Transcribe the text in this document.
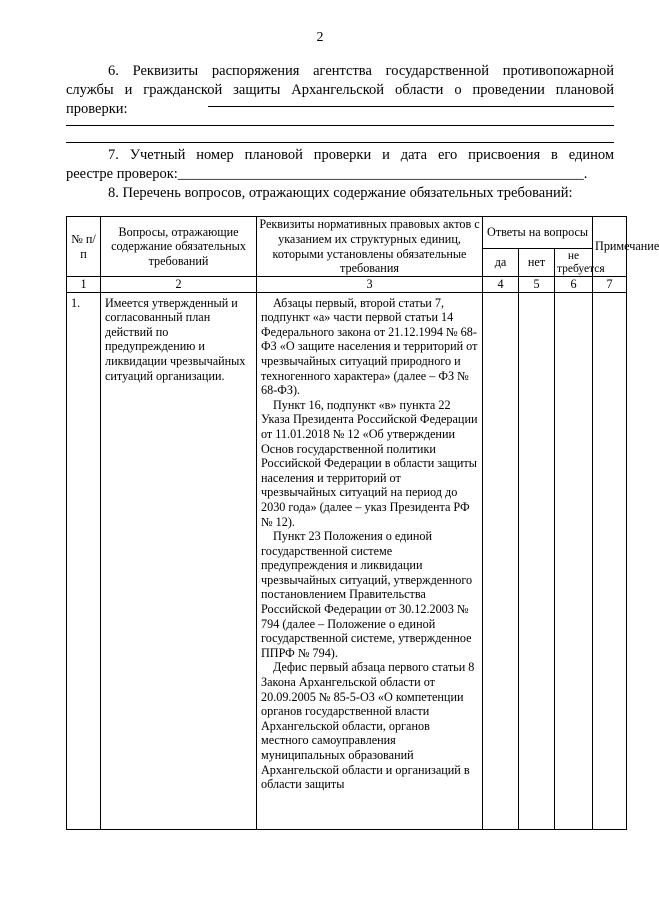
2
6. Реквизиты распоряжения агентства государственной противопожарной
службы и гражданской защиты Архангельской области о проведении плановой проверки:
7. Учетный номер плановой проверки и дата его присвоения в едином
реестре проверок:________________________________________________________.
8. Перечень вопросов, отражающих содержание обязательных требований:
№ п/п	Вопросы, отражающие содержание обязательных требований	Реквизиты нормативных правовых актов с указанием их структурных единиц, которыми установлены обязательные требования	Ответы на вопросы			Примечание
			да	нет	не требуется	
1	2	3	4	5	6	7
1.	Имеется утвержденный и согласованный план действий по предупреждению и ликвидации чрезвычайных ситуаций организации.	Абзацы первый, второй статьи 7, подпункт «а» части первой статьи 14 Федерального закона от 21.12.1994 № 68-ФЗ «О защите населения и территорий от чрезвычайных ситуаций природного и техногенного характера» (далее – ФЗ № 68-ФЗ).

Пункт 16, подпункт «в» пункта 22 Указа Президента Российской Федерации от 11.01.2018 № 12 «Об утверждении Основ государственной политики Российской Федерации в области защиты населения и территорий от чрезвычайных ситуаций на период до 2030 года» (далее – указ Президента РФ № 12).

Пункт 23 Положения о единой государственной системе предупреждения и ликвидации чрезвычайных ситуаций, утвержденного постановлением Правительства Российской Федерации от 30.12.2003 № 794 (далее – Положение о единой государственной системе, утвержденное ППРФ № 794).

Дефис первый абзаца первого статьи 8 Закона Архангельской области от 20.09.2005 № 85-5-ОЗ «О компетенции органов государственной власти Архангельской области, органов местного самоуправления муниципальных образований Архангельской области и организаций в области защиты				
